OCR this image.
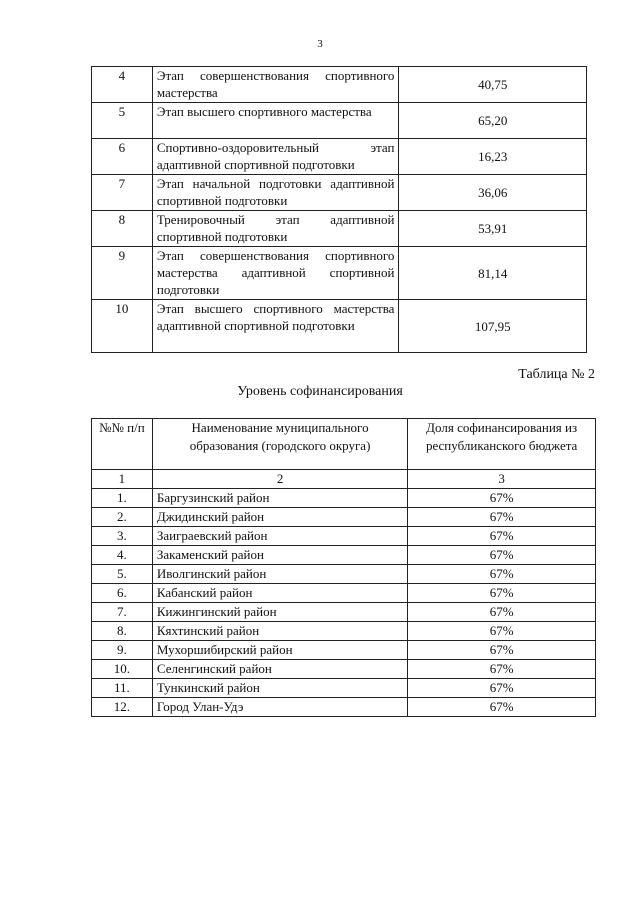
3
4	Этап совершенствования спортивного мастерства	40,75
5	Этап высшего спортивного мастерства	65,20
6	Спортивно-оздоровительный этап адаптивной спортивной подготовки	16,23
7	Этап начальной подготовки адаптивной спортивной подготовки	36,06
8	Тренировочный этап адаптивной спортивной подготовки	53,91
9	Этап совершенствования спортивного мастерства адаптивной спортивной подготовки	81,14
10	Этап высшего спортивного мастерства адаптивной спортивной подготовки	107,95
Таблица № 2
Уровень софинансирования
№№ п/п	Наименование муниципального образования (городского округа)	Доля софинансирования из республиканского бюджета
1	2	3
1.	Баргузинский район	67%
2.	Джидинский район	67%
3.	Заиграевский район	67%
4.	Закаменский район	67%
5.	Иволгинский район	67%
6.	Кабанский район	67%
7.	Кижингинский район	67%
8.	Кяхтинский район	67%
9.	Мухоршибирский район	67%
10.	Селенгинский район	67%
11.	Тункинский район	67%
12.	Город Улан-Удэ	67%
